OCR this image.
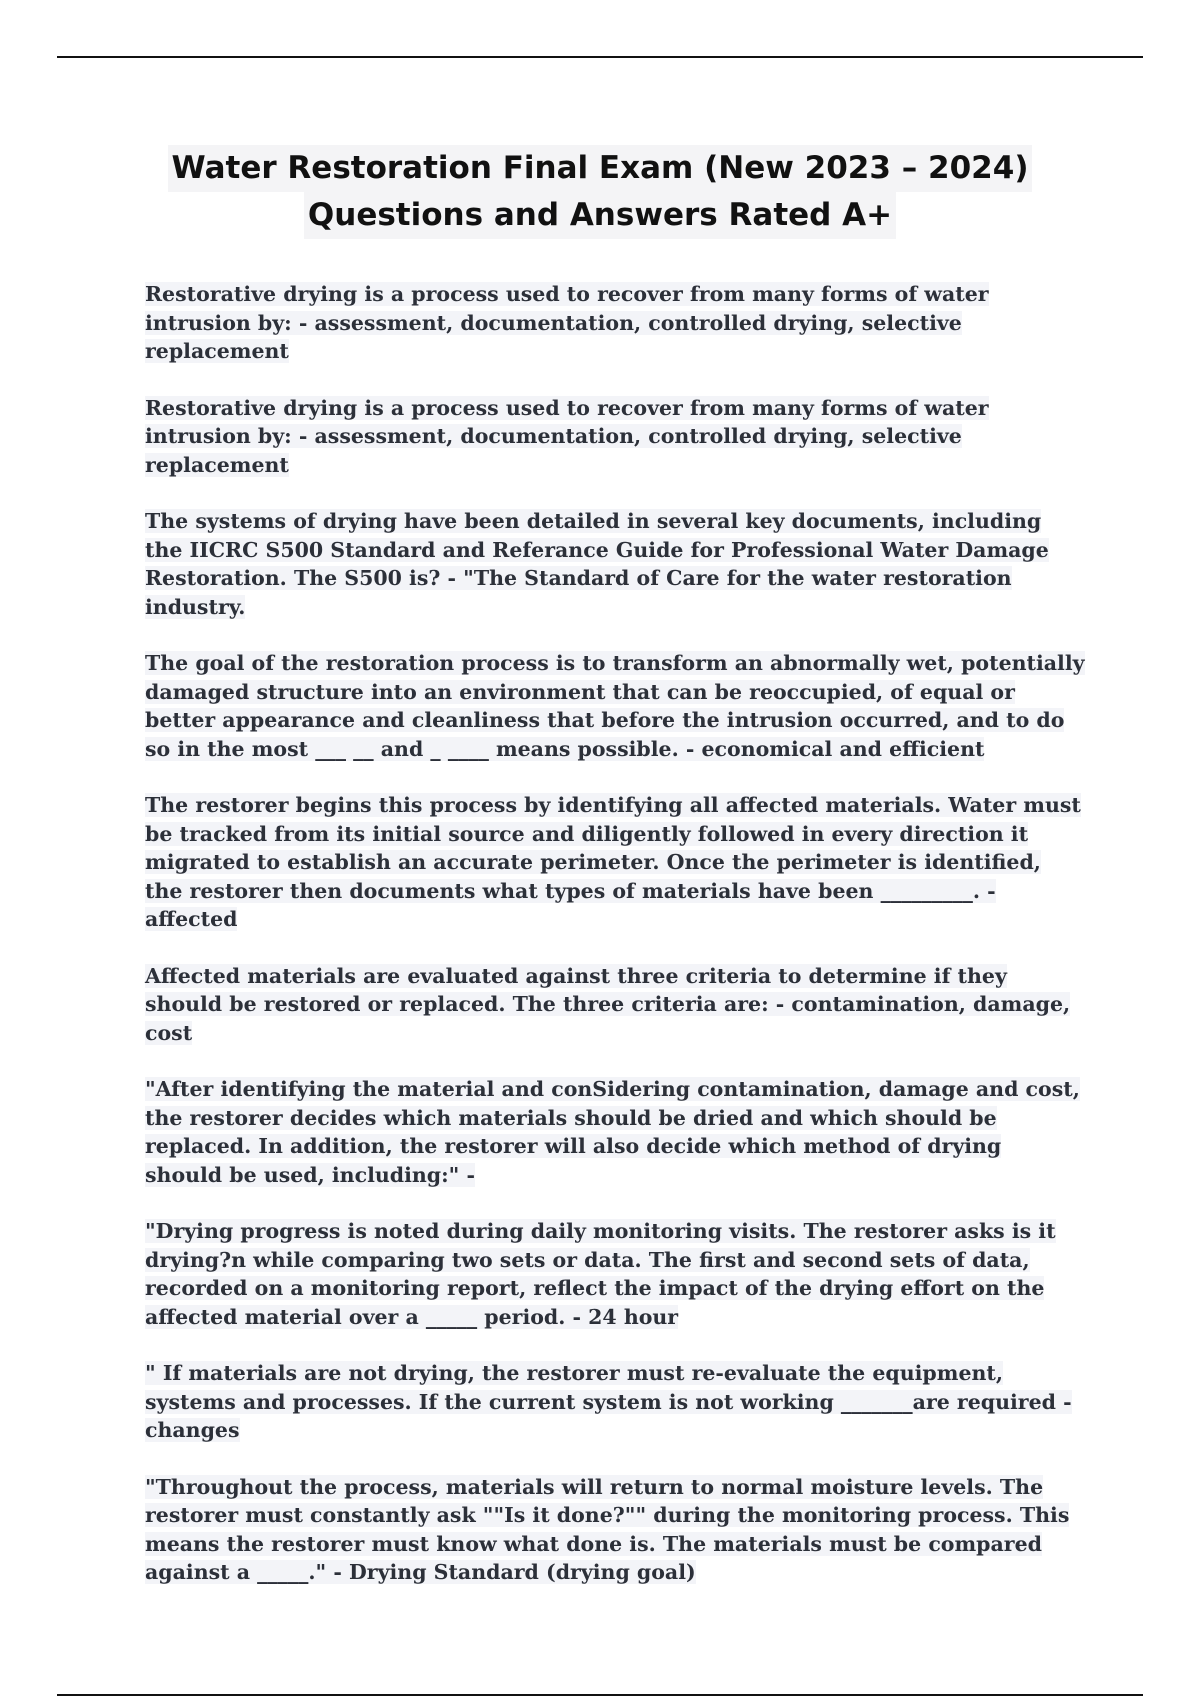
Water Restoration Final Exam (New 2023 – 2024)
Questions and Answers Rated A+

Restorative drying is a process used to recover from many forms of water intrusion by: - assessment, documentation, controlled drying, selective replacement

Restorative drying is a process used to recover from many forms of water intrusion by: - assessment, documentation, controlled drying, selective replacement

The systems of drying have been detailed in several key documents, including the IICRC S500 Standard and Referance Guide for Professional Water Damage Restoration. The S500 is? - "The Standard of Care for the water restoration industry.

The goal of the restoration process is to transform an abnormally wet, potentially damaged structure into an environment that can be reoccupied, of equal or better appearance and cleanliness that before the intrusion occurred, and to do so in the most ___ __ and _ ____ means possible. - economical and efficient

The restorer begins this process by identifying all affected materials. Water must be tracked from its initial source and diligently followed in every direction it migrated to establish an accurate perimeter. Once the perimeter is identified, the restorer then documents what types of materials have been _________. - affected

Affected materials are evaluated against three criteria to determine if they should be restored or replaced. The three criteria are: - contamination, damage, cost

"After identifying the material and conSidering contamination, damage and cost, the restorer decides which materials should be dried and which should be replaced. In addition, the restorer will also decide which method of drying should be used, including:" -

"Drying progress is noted during daily monitoring visits. The restorer asks is it drying?n while comparing two sets or data. The first and second sets of data, recorded on a monitoring report, reflect the impact of the drying effort on the affected material over a _____ period. - 24 hour

" If materials are not drying, the restorer must re-evaluate the equipment, systems and processes. If the current system is not working _______are required - changes

"Throughout the process, materials will return to normal moisture levels. The restorer must constantly ask ""Is it done?"" during the monitoring process. This means the restorer must know what done is. The materials must be compared against a _____." - Drying Standard (drying goal)
